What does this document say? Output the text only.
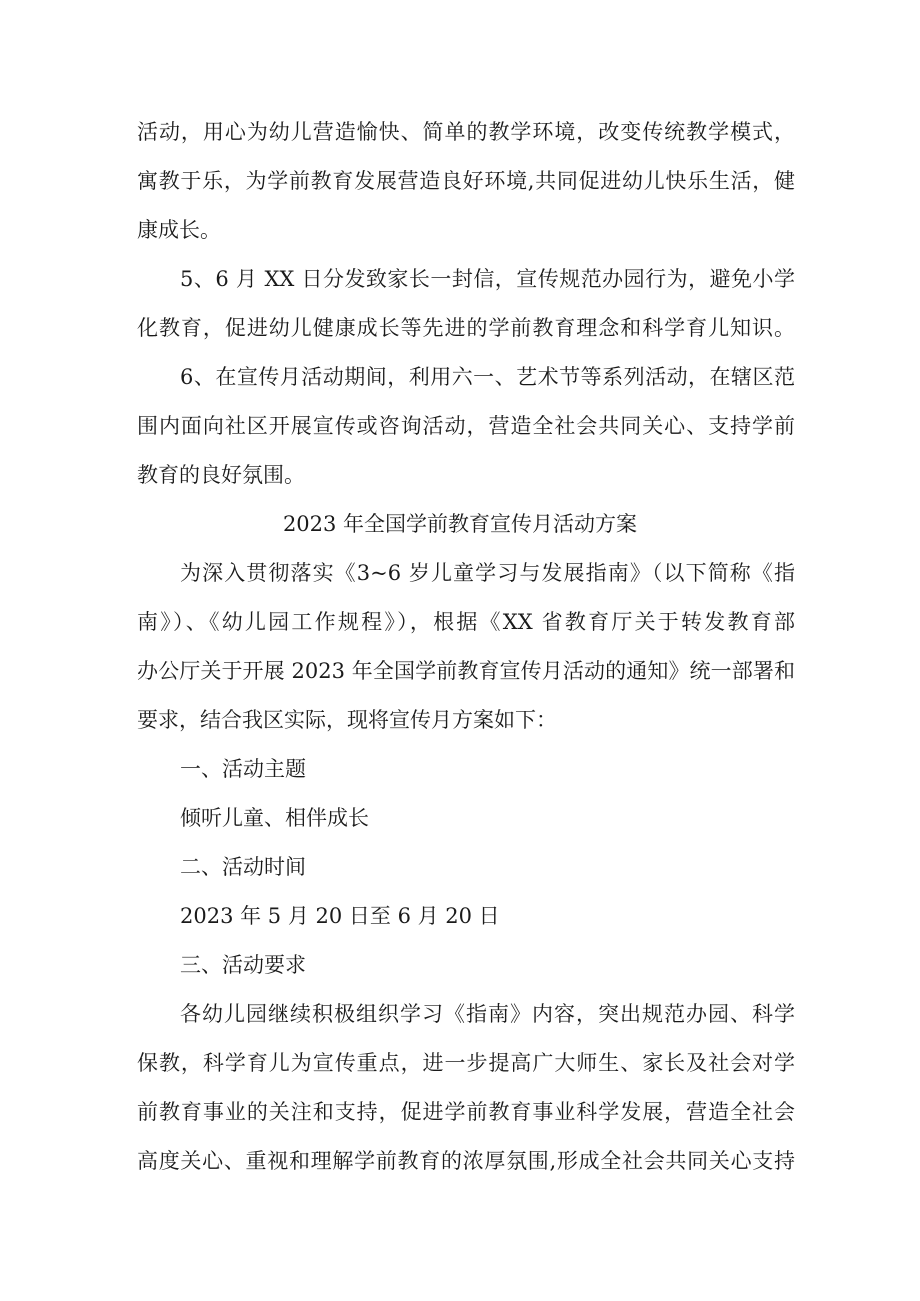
活动，用心为幼儿营造愉快、简单的教学环境，改变传统教学模式，
寓教于乐，为学前教育发展营造良好环境,共同促进幼儿快乐生活，健
康成长。
5、6 月 XX 日分发致家长一封信，宣传规范办园行为，避免小学
化教育，促进幼儿健康成长等先进的学前教育理念和科学育儿知识。
6、在宣传月活动期间，利用六一、艺术节等系列活动，在辖区范
围内面向社区开展宣传或咨询活动，营造全社会共同关心、支持学前
教育的良好氛围。
2023 年全国学前教育宣传月活动方案
为深入贯彻落实《3~6 岁儿童学习与发展指南》（以下简称《指
南》）、《幼儿园工作规程》），根据《XX 省教育厅关于转发教育部
办公厅关于开展 2023 年全国学前教育宣传月活动的通知》统一部署和
要求，结合我区实际，现将宣传月方案如下：
一、活动主题
倾听儿童、相伴成长
二、活动时间
2023 年 5 月 20 日至 6 月 20 日
三、活动要求
各幼儿园继续积极组织学习《指南》内容，突出规范办园、科学
保教，科学育儿为宣传重点，进一步提高广大师生、家长及社会对学
前教育事业的关注和支持，促进学前教育事业科学发展，营造全社会
高度关心、重视和理解学前教育的浓厚氛围,形成全社会共同关心支持
